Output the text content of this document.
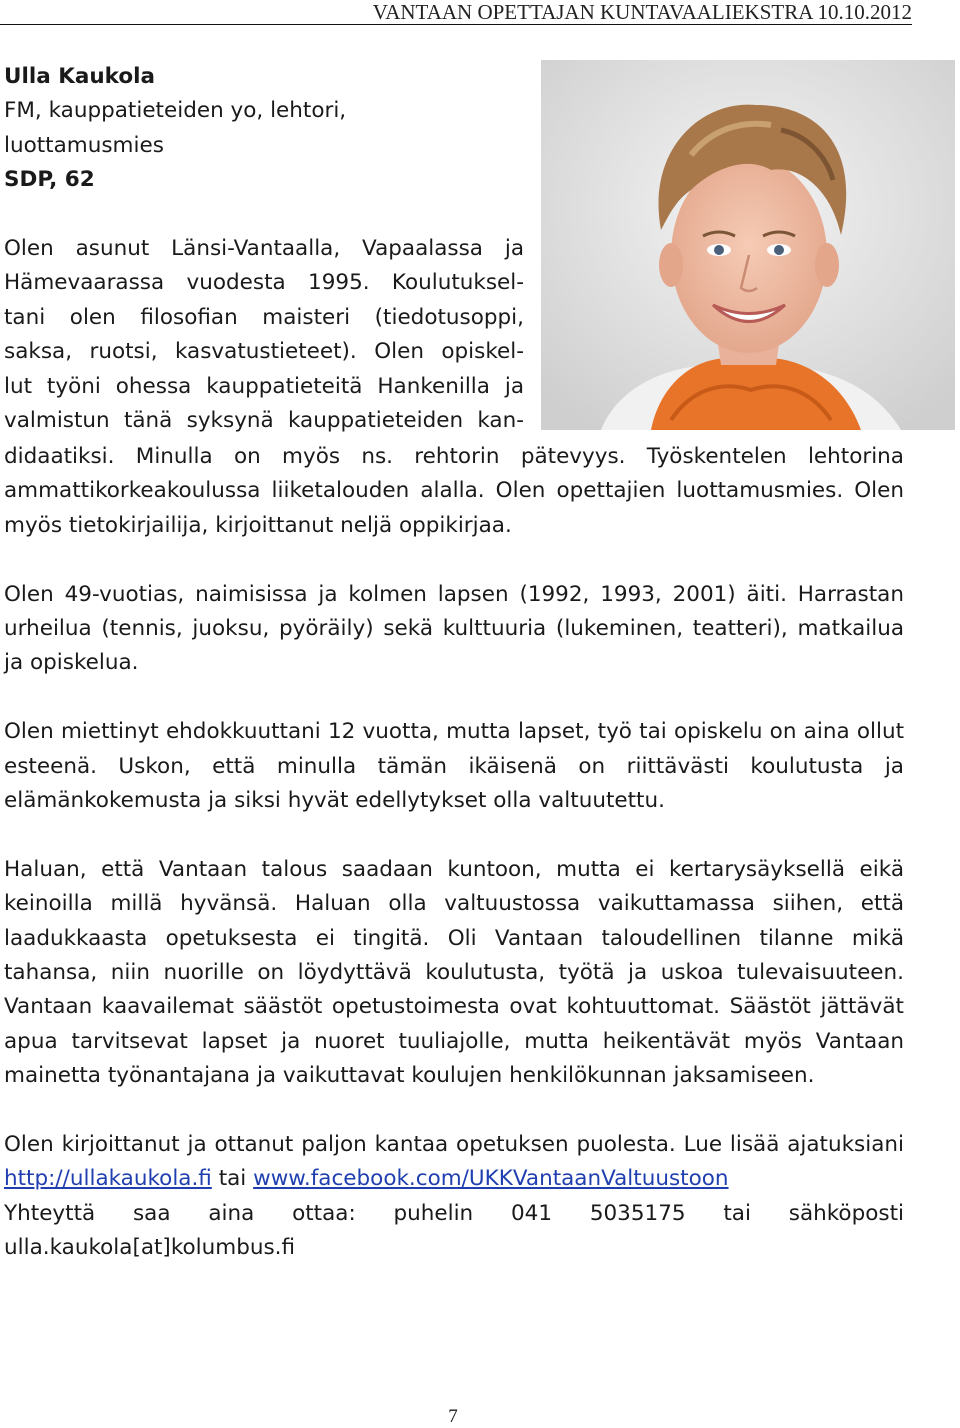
VANTAAN OPETTAJAN KUNTAVAALIEKSTRA 10.10.2012

Ulla Kaukola

FM, kauppatieteiden yo, lehtori,

luottamusmies

SDP, 62

Olen asunut Länsi-Vantaalla, Vapaalassa ja
Hämevaarassa vuodesta 1995. Koulutuksel-
tani olen filosofian maisteri (tiedotusoppi,
saksa, ruotsi, kasvatustieteet). Olen opiskel-
lut työni ohessa kauppatieteitä Hankenilla ja
valmistun tänä syksynä kauppatieteiden kan-

didaatiksi. Minulla on myös ns. rehtorin pätevyys. Työskentelen lehtorina ammattikorkeakoulussa liiketalouden alalla. Olen opettajien luottamusmies. Olen myös tietokirjailija, kirjoittanut neljä oppikirjaa.

Olen 49-vuotias, naimisissa ja kolmen lapsen (1992, 1993, 2001) äiti. Harrastan urheilua (tennis, juoksu, pyöräily) sekä kulttuuria (lukeminen, teatteri), matkailua ja opiskelua.

Olen miettinyt ehdokkuuttani 12 vuotta, mutta lapset, työ tai opiskelu on aina ollut esteenä. Uskon, että minulla tämän ikäisenä on riittävästi koulutusta ja elämänkokemusta ja siksi hyvät edellytykset olla valtuutettu.

Haluan, että Vantaan talous saadaan kuntoon, mutta ei kertarysäyksellä eikä keinoilla millä hyvänsä. Haluan olla valtuustossa vaikuttamassa siihen, että laadukkaasta opetuksesta ei tingitä. Oli Vantaan taloudellinen tilanne mikä tahansa, niin nuorille on löydyttävä koulutusta, työtä ja uskoa tulevaisuuteen. Vantaan kaavailemat säästöt opetustoimesta ovat kohtuuttomat. Säästöt jättävät apua tarvitsevat lapset ja nuoret tuuliajolle, mutta heikentävät myös Vantaan mainetta työnantajana ja vaikuttavat koulujen henkilökunnan jaksamiseen.

Olen kirjoittanut ja ottanut paljon kantaa opetuksen puolesta. Lue lisää ajatuksiani http://ullakaukola.fi tai www.facebook.com/UKKVantaanValtuustoon
Yhteyttä saa aina ottaa: puhelin 041 5035175 tai sähköposti ulla.kaukola[at]kolumbus.fi

7
